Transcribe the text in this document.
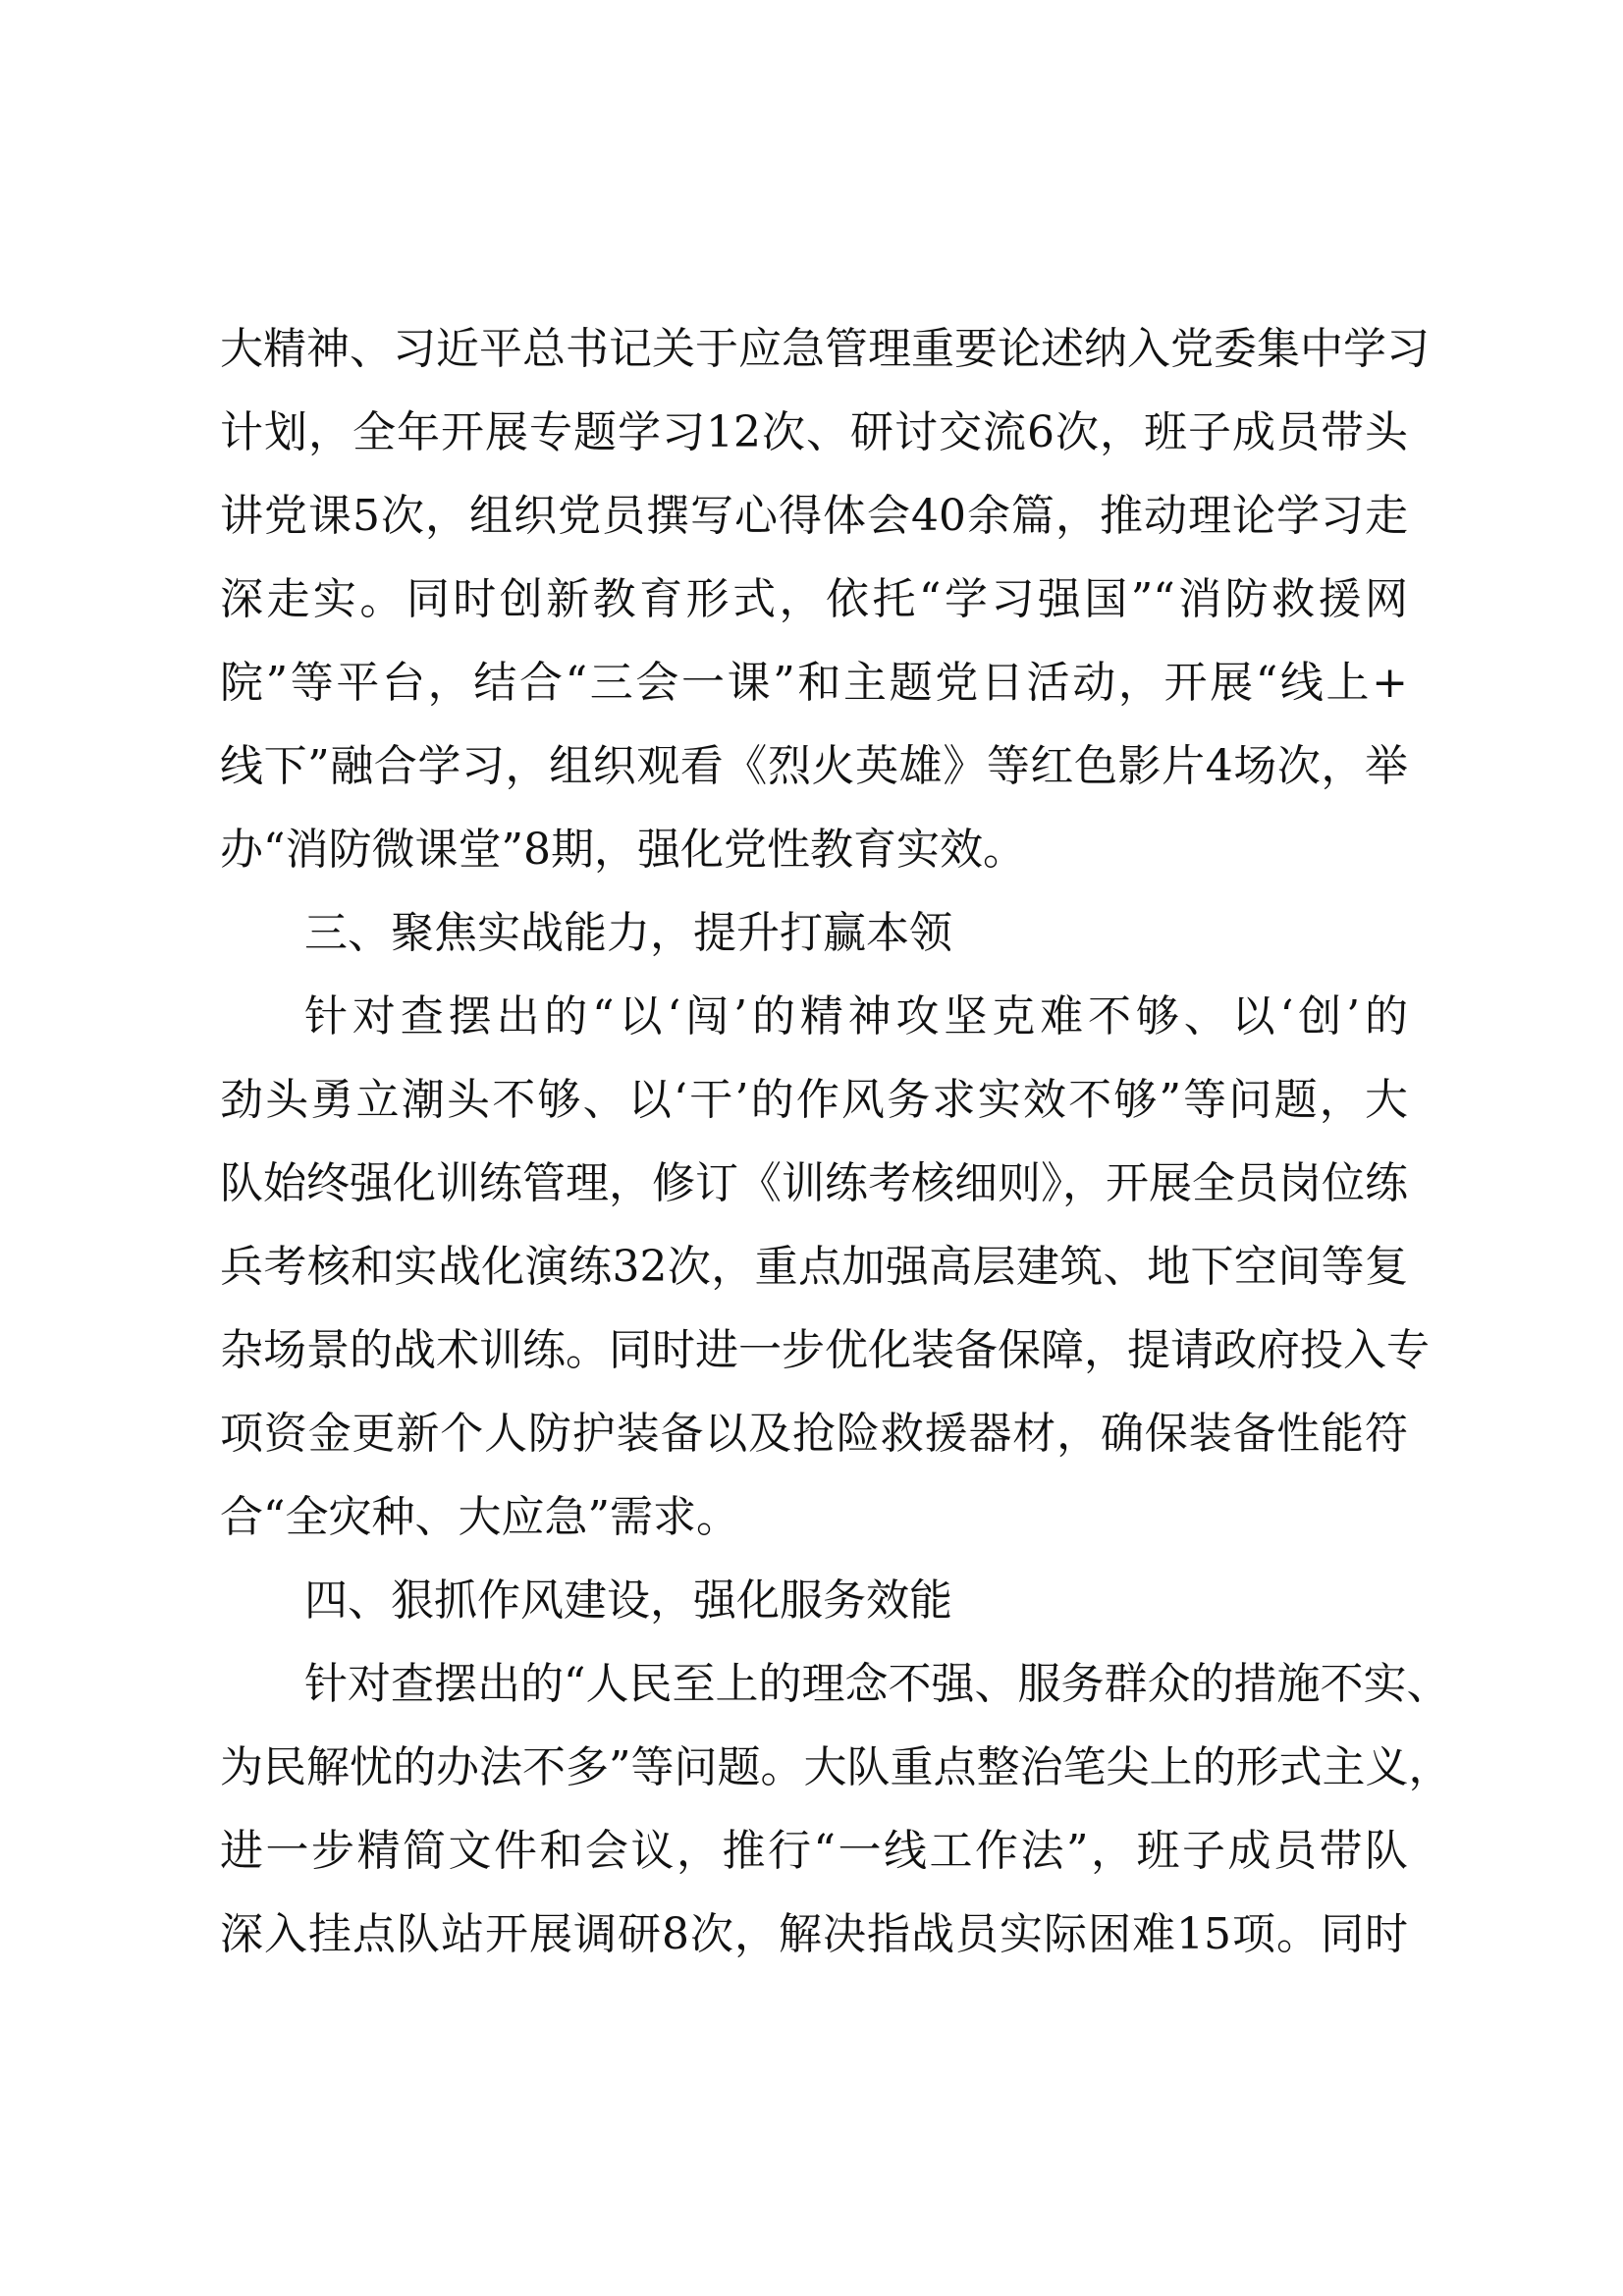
大精神、习近平总书记关于应急管理重要论述纳入党委集中学习
计划，全年开展专题学习12次、研讨交流6次，班子成员带头
讲党课5次，组织党员撰写心得体会40余篇，推动理论学习走
深走实。同时创新教育形式，依托“学习强国”“消防救援网
院”等平台，结合“三会一课”和主题党日活动，开展“线上+
线下”融合学习，组织观看《烈火英雄》等红色影片4场次，举
办“消防微课堂”8期，强化党性教育实效。
三、聚焦实战能力，提升打赢本领
针对查摆出的“以‘闯’的精神攻坚克难不够、以‘创’的
劲头勇立潮头不够、以‘干’的作风务求实效不够”等问题，大
队始终强化训练管理，修订《训练考核细则》，开展全员岗位练
兵考核和实战化演练32次，重点加强高层建筑、地下空间等复
杂场景的战术训练。同时进一步优化装备保障，提请政府投入专
项资金更新个人防护装备以及抢险救援器材，确保装备性能符
合“全灾种、大应急”需求。
四、狠抓作风建设，强化服务效能
针对查摆出的“人民至上的理念不强、服务群众的措施不实、
为民解忧的办法不多”等问题。大队重点整治笔尖上的形式主义，
进一步精简文件和会议，推行“一线工作法”，班子成员带队
深入挂点队站开展调研8次，解决指战员实际困难15项。同时
